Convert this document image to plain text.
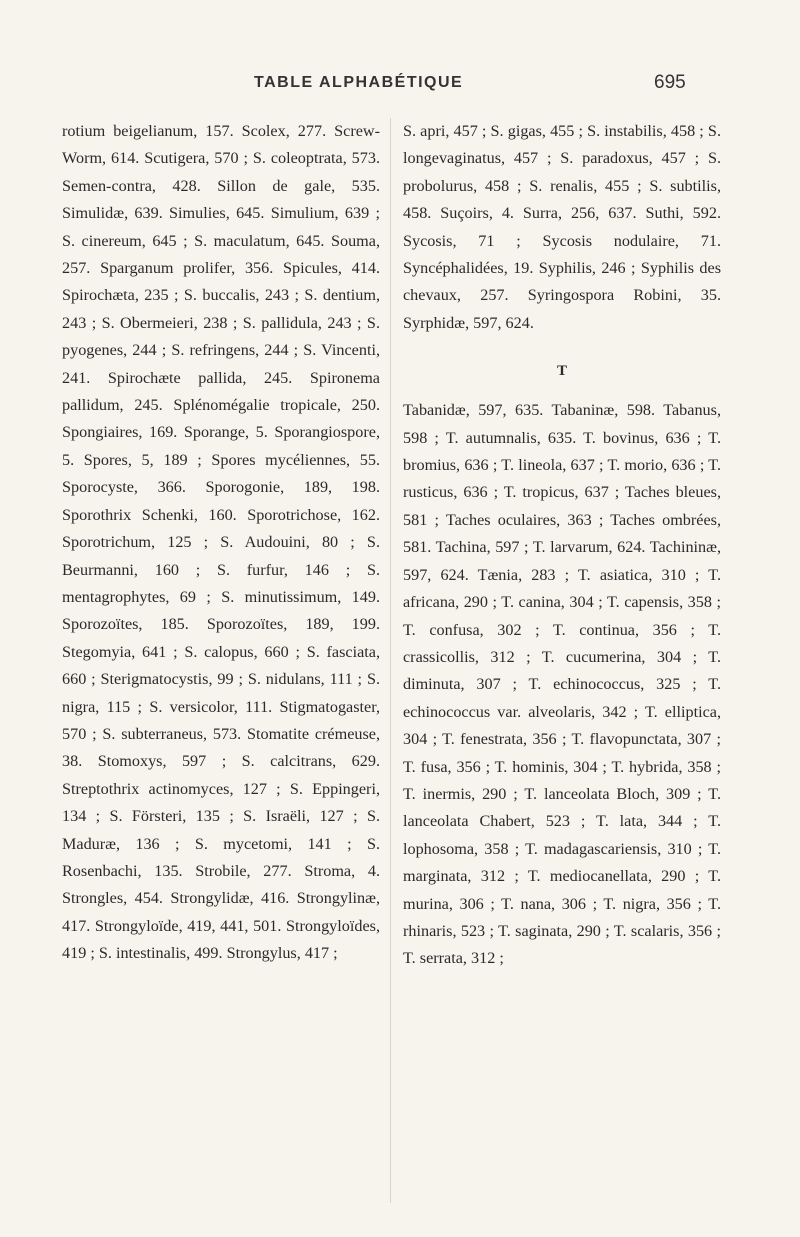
TABLE ALPHABÉTIQUE	695

rotium beigelianum, 157. Scolex, 277. Screw-Worm, 614. Scutigera, 570 ; S. coleoptrata, 573. Semen-contra, 428. Sillon de gale, 535. Simulidæ, 639. Simulies, 645. Simulium, 639 ; S. cinereum, 645 ; S. maculatum, 645. Souma, 257. Sparganum prolifer, 356. Spicules, 414. Spirochæta, 235 ; S. buccalis, 243 ; S. dentium, 243 ; S. Obermeieri, 238 ; S. pallidula, 243 ; S. pyogenes, 244 ; S. refringens, 244 ; S. Vincenti, 241. Spirochæte pallida, 245. Spironema pallidum, 245. Splénomégalie tropicale, 250. Spongiaires, 169. Sporange, 5. Sporangiospore, 5. Spores, 5, 189 ; Spores mycéliennes, 55. Sporocyste, 366. Sporogonie, 189, 198. Sporothrix Schenki, 160. Sporotrichose, 162. Sporotrichum, 125 ; S. Audouini, 80 ; S. Beurmanni, 160 ; S. furfur, 146 ; S. mentagrophytes, 69 ; S. minutissimum, 149. Sporozoïtes, 185. Sporozoïtes, 189, 199. Stegomyia, 641 ; S. calopus, 660 ; S. fasciata, 660 ; Sterigmatocystis, 99 ; S. nidulans, 111 ; S. nigra, 115 ; S. versicolor, 111. Stigmatogaster, 570 ; S. subterraneus, 573. Stomatite crémeuse, 38. Stomoxys, 597 ; S. calcitrans, 629. Streptothrix actinomyces, 127 ; S. Eppingeri, 134 ; S. Försteri, 135 ; S. Israëli, 127 ; S. Maduræ, 136 ; S. mycetomi, 141 ; S. Rosenbachi, 135. Strobile, 277. Stroma, 4. Strongles, 454. Strongylidæ, 416. Strongylinæ, 417. Strongyloïde, 419, 441, 501. Strongyloïdes, 419 ; S. intestinalis, 499. Strongylus, 417 ;

S. apri, 457 ; S. gigas, 455 ; S. instabilis, 458 ; S. longevaginatus, 457 ; S. paradoxus, 457 ; S. probolurus, 458 ; S. renalis, 455 ; S. subtilis, 458. Suçoirs, 4. Surra, 256, 637. Suthi, 592. Sycosis, 71 ; Sycosis nodulaire, 71. Syncéphalidées, 19. Syphilis, 246 ; Syphilis des chevaux, 257. Syringospora Robini, 35. Syrphidæ, 597, 624.

T

Tabanidæ, 597, 635. Tabaninæ, 598. Tabanus, 598 ; T. autumnalis, 635. T. bovinus, 636 ; T. bromius, 636 ; T. lineola, 637 ; T. morio, 636 ; T. rusticus, 636 ; T. tropicus, 637 ; Taches bleues, 581 ; Taches oculaires, 363 ; Taches ombrées, 581. Tachina, 597 ; T. larvarum, 624. Tachininæ, 597, 624. Tænia, 283 ; T. asiatica, 310 ; T. africana, 290 ; T. canina, 304 ; T. capensis, 358 ; T. confusa, 302 ; T. continua, 356 ; T. crassicollis, 312 ; T. cucumerina, 304 ; T. diminuta, 307 ; T. echinococcus, 325 ; T. echinococcus var. alveolaris, 342 ; T. elliptica, 304 ; T. fenestrata, 356 ; T. flavopunctata, 307 ; T. fusa, 356 ; T. hominis, 304 ; T. hybrida, 358 ; T. inermis, 290 ; T. lanceolata Bloch, 309 ; T. lanceolata Chabert, 523 ; T. lata, 344 ; T. lophosoma, 358 ; T. madagascariensis, 310 ; T. marginata, 312 ; T. mediocanellata, 290 ; T. murina, 306 ; T. nana, 306 ; T. nigra, 356 ; T. rhinaris, 523 ; T. saginata, 290 ; T. scalaris, 356 ; T. serrata, 312 ;
